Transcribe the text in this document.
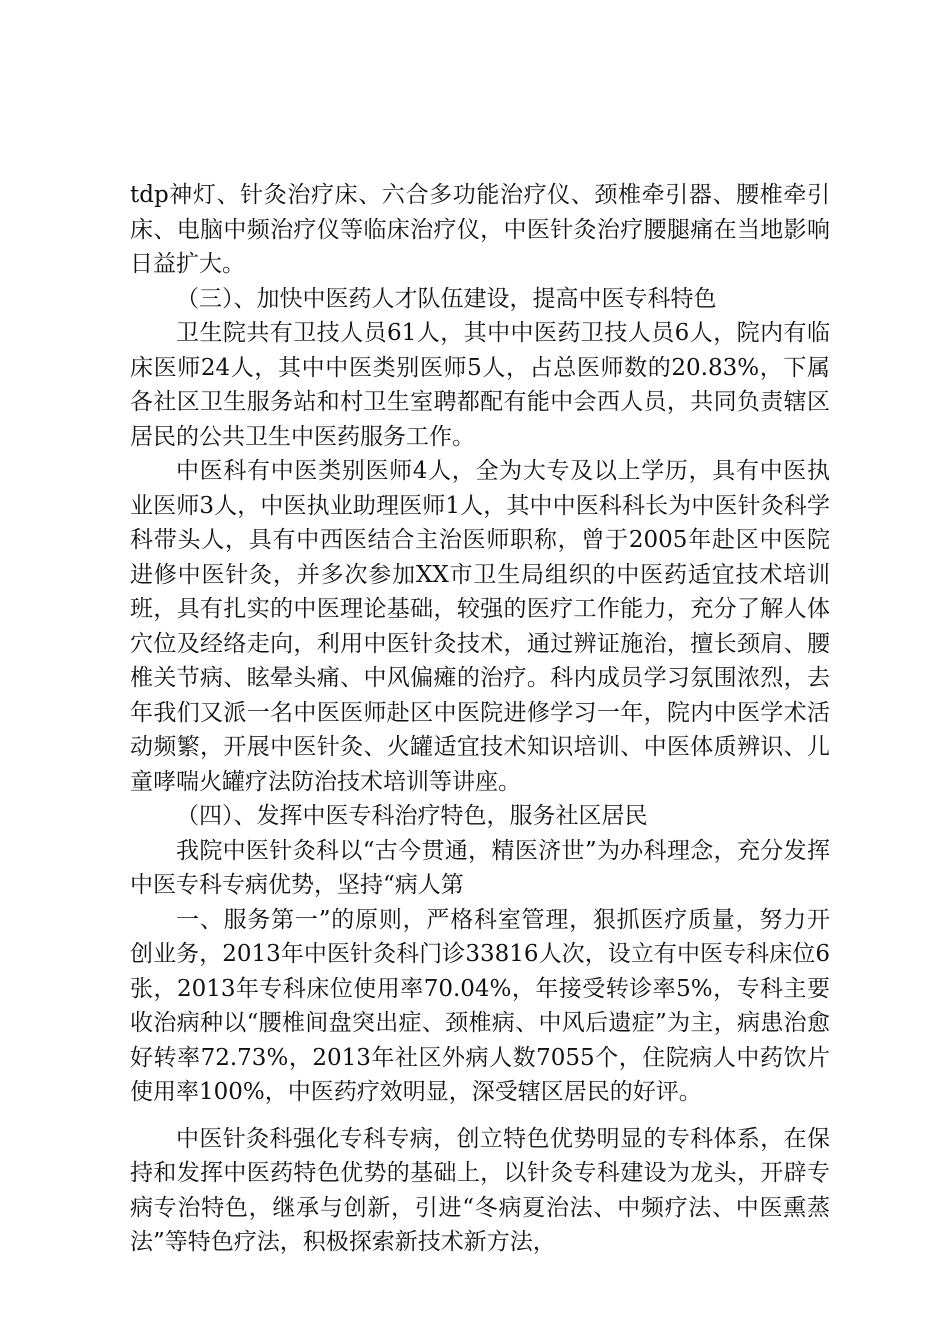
tdp神灯、针灸治疗床、六合多功能治疗仪、颈椎牵引器、腰椎牵引床、电脑中频治疗仪等临床治疗仪，中医针灸治疗腰腿痛在当地影响日益扩大。

（三）、加快中医药人才队伍建设，提高中医专科特色

卫生院共有卫技人员61人，其中中医药卫技人员6人，院内有临床医师24人，其中中医类别医师5人，占总医师数的20.83%，下属各社区卫生服务站和村卫生室聘都配有能中会西人员，共同负责辖区居民的公共卫生中医药服务工作。

中医科有中医类别医师4人，全为大专及以上学历，具有中医执业医师3人，中医执业助理医师1人，其中中医科科长为中医针灸科学科带头人，具有中西医结合主治医师职称，曾于2005年赴区中医院进修中医针灸，并多次参加XX市卫生局组织的中医药适宜技术培训班，具有扎实的中医理论基础，较强的医疗工作能力，充分了解人体穴位及经络走向，利用中医针灸技术，通过辨证施治，擅长颈肩、腰椎关节病、眩晕头痛、中风偏瘫的治疗。科内成员学习氛围浓烈，去年我们又派一名中医医师赴区中医院进修学习一年，院内中医学术活动频繁，开展中医针灸、火罐适宜技术知识培训、中医体质辨识、儿童哮喘火罐疗法防治技术培训等讲座。

（四）、发挥中医专科治疗特色，服务社区居民

我院中医针灸科以“古今贯通，精医济世”为办科理念，充分发挥中医专科专病优势，坚持“病人第

一、服务第一”的原则，严格科室管理，狠抓医疗质量，努力开创业务，2013年中医针灸科门诊33816人次，设立有中医专科床位6张，2013年专科床位使用率70.04%，年接受转诊率5%，专科主要收治病种以“腰椎间盘突出症、颈椎病、中风后遗症”为主，病患治愈好转率72.73%，2013年社区外病人数7055个，住院病人中药饮片使用率100%，中医药疗效明显，深受辖区居民的好评。

中医针灸科强化专科专病，创立特色优势明显的专科体系，在保持和发挥中医药特色优势的基础上，以针灸专科建设为龙头，开辟专病专治特色，继承与创新，引进“冬病夏治法、中频疗法、中医熏蒸法”等特色疗法，积极探索新技术新方法，
